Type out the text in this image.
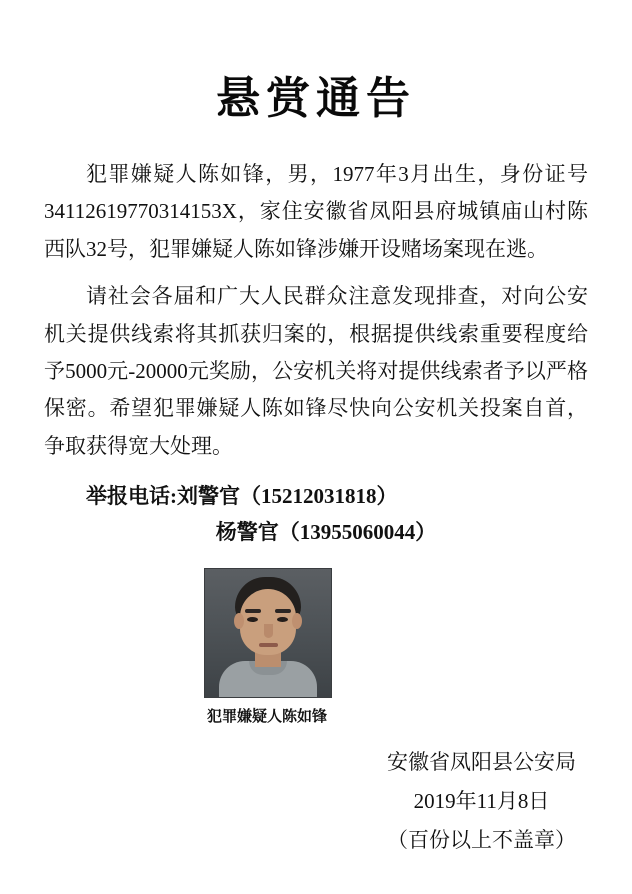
悬赏通告

犯罪嫌疑人陈如锋，男，1977年3月出生，身份证号34112619770314153X，家住安徽省凤阳县府城镇庙山村陈西队32号，犯罪嫌疑人陈如锋涉嫌开设赌场案现在逃。

请社会各届和广大人民群众注意发现排查，对向公安机关提供线索将其抓获归案的，根据提供线索重要程度给予5000元-20000元奖励，公安机关将对提供线索者予以严格保密。希望犯罪嫌疑人陈如锋尽快向公安机关投案自首，争取获得宽大处理。

举报电话:刘警官（15212031818）

杨警官（13955060044）

犯罪嫌疑人陈如锋
安徽省凤阳县公安局
2019年11月8日
（百份以上不盖章）
